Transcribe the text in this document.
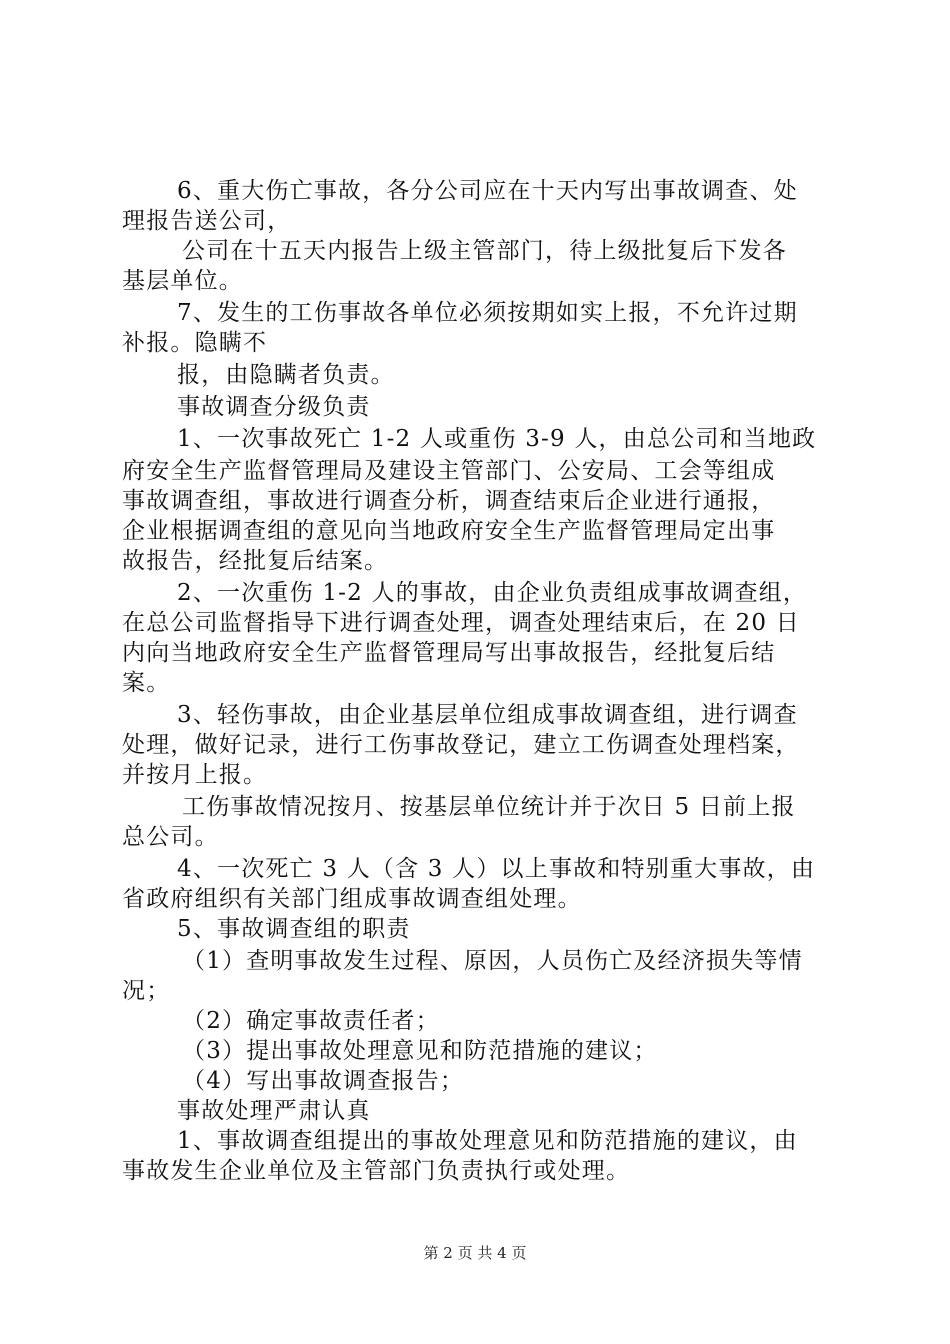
6、重大伤亡事故，各分公司应在十天内写出事故调查、处
理报告送公司，
公司在十五天内报告上级主管部门，待上级批复后下发各
基层单位。
7、发生的工伤事故各单位必须按期如实上报，不允许过期
补报。隐瞒不
报，由隐瞒者负责。
事故调查分级负责
1、一次事故死亡 1-2 人或重伤 3-9 人，由总公司和当地政
府安全生产监督管理局及建设主管部门、公安局、工会等组成
事故调查组，事故进行调查分析，调查结束后企业进行通报，
企业根据调查组的意见向当地政府安全生产监督管理局定出事
故报告，经批复后结案。
2、一次重伤 1-2 人的事故，由企业负责组成事故调查组，
在总公司监督指导下进行调查处理，调查处理结束后，在 20 日
内向当地政府安全生产监督管理局写出事故报告，经批复后结
案。
3、轻伤事故，由企业基层单位组成事故调查组，进行调查
处理，做好记录，进行工伤事故登记，建立工伤调查处理档案，
并按月上报。
工伤事故情况按月、按基层单位统计并于次日 5 日前上报
总公司。
4、一次死亡 3 人（含 3 人）以上事故和特别重大事故，由
省政府组织有关部门组成事故调查组处理。
5、事故调查组的职责
（1）查明事故发生过程、原因，人员伤亡及经济损失等情
况；
（2）确定事故责任者；
（3）提出事故处理意见和防范措施的建议；
（4）写出事故调查报告；
事故处理严肃认真
1、事故调查组提出的事故处理意见和防范措施的建议，由
事故发生企业单位及主管部门负责执行或处理。
第 2 页 共 4 页
